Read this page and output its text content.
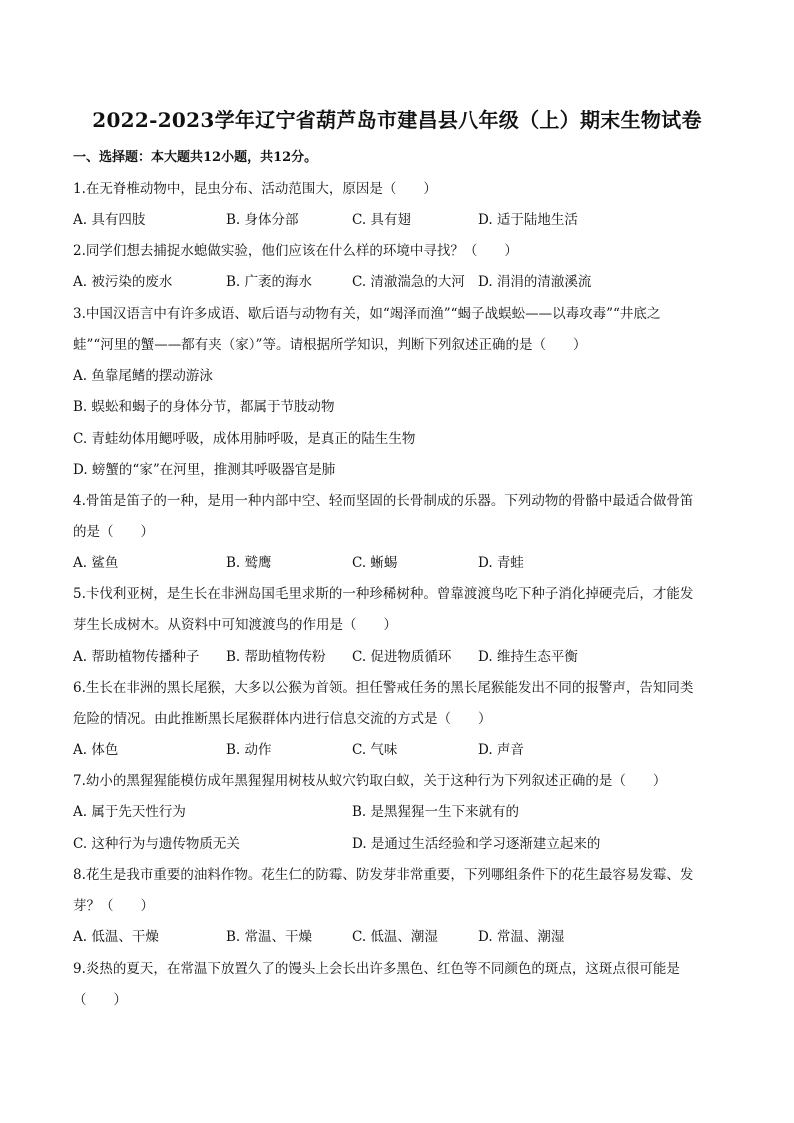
2022-2023学年辽宁省葫芦岛市建昌县八年级（上）期末生物试卷
一、选择题：本大题共12小题，共12分。
1.在无脊椎动物中，昆虫分布、活动范围大，原因是（　　）
A. 具有四肢	B. 身体分部	C. 具有翅	D. 适于陆地生活
2.同学们想去捕捉水螅做实验，他们应该在什么样的环境中寻找？（　　）
A. 被污染的废水	B. 广袤的海水	C. 清澈湍急的大河 D. 涓涓的清澈溪流
3.中国汉语言中有许多成语、歇后语与动物有关，如“竭泽而渔”“蝎子战蜈蚣——以毒攻毒”“井底之
蛙”“河里的蟹——都有夹（家）”等。请根据所学知识，判断下列叙述正确的是（　　）
A. 鱼靠尾鳍的摆动游泳
B. 蜈蚣和蝎子的身体分节，都属于节肢动物
C. 青蛙幼体用鳃呼吸，成体用肺呼吸，是真正的陆生生物
D. 螃蟹的“家”在河里，推测其呼吸器官是肺
4.骨笛是笛子的一种，是用一种内部中空、轻而坚固的长骨制成的乐器。下列动物的骨骼中最适合做骨笛
的是（　　）
A. 鲨鱼	B. 鹫鹰	C. 蜥蜴	D. 青蛙
5.卡伐利亚树，是生长在非洲岛国毛里求斯的一种珍稀树种。曾靠渡渡鸟吃下种子消化掉硬壳后，才能发
芽生长成树木。从资料中可知渡渡鸟的作用是（　　）
A. 帮助植物传播种子 B. 帮助植物传粉 C. 促进物质循环 D. 维持生态平衡
6.生长在非洲的黑长尾猴，大多以公猴为首领。担任警戒任务的黑长尾猴能发出不同的报警声，告知同类
危险的情况。由此推断黑长尾猴群体内进行信息交流的方式是（　　）
A. 体色	B. 动作	C. 气味	D. 声音
7.幼小的黑猩猩能模仿成年黑猩猩用树枝从蚁穴钓取白蚁，关于这种行为下列叙述正确的是（　　）
A. 属于先天性行为	B. 是黑猩猩一生下来就有的
C. 这种行为与遗传物质无关	D. 是通过生活经验和学习逐渐建立起来的
8.花生是我市重要的油料作物。花生仁的防霉、防发芽非常重要，下列哪组条件下的花生最容易发霉、发
芽？（　　）
A. 低温、干燥	B. 常温、干燥	C. 低温、潮湿	D. 常温、潮湿
9.炎热的夏天，在常温下放置久了的馒头上会长出许多黑色、红色等不同颜色的斑点，这斑点很可能是
（　　）
